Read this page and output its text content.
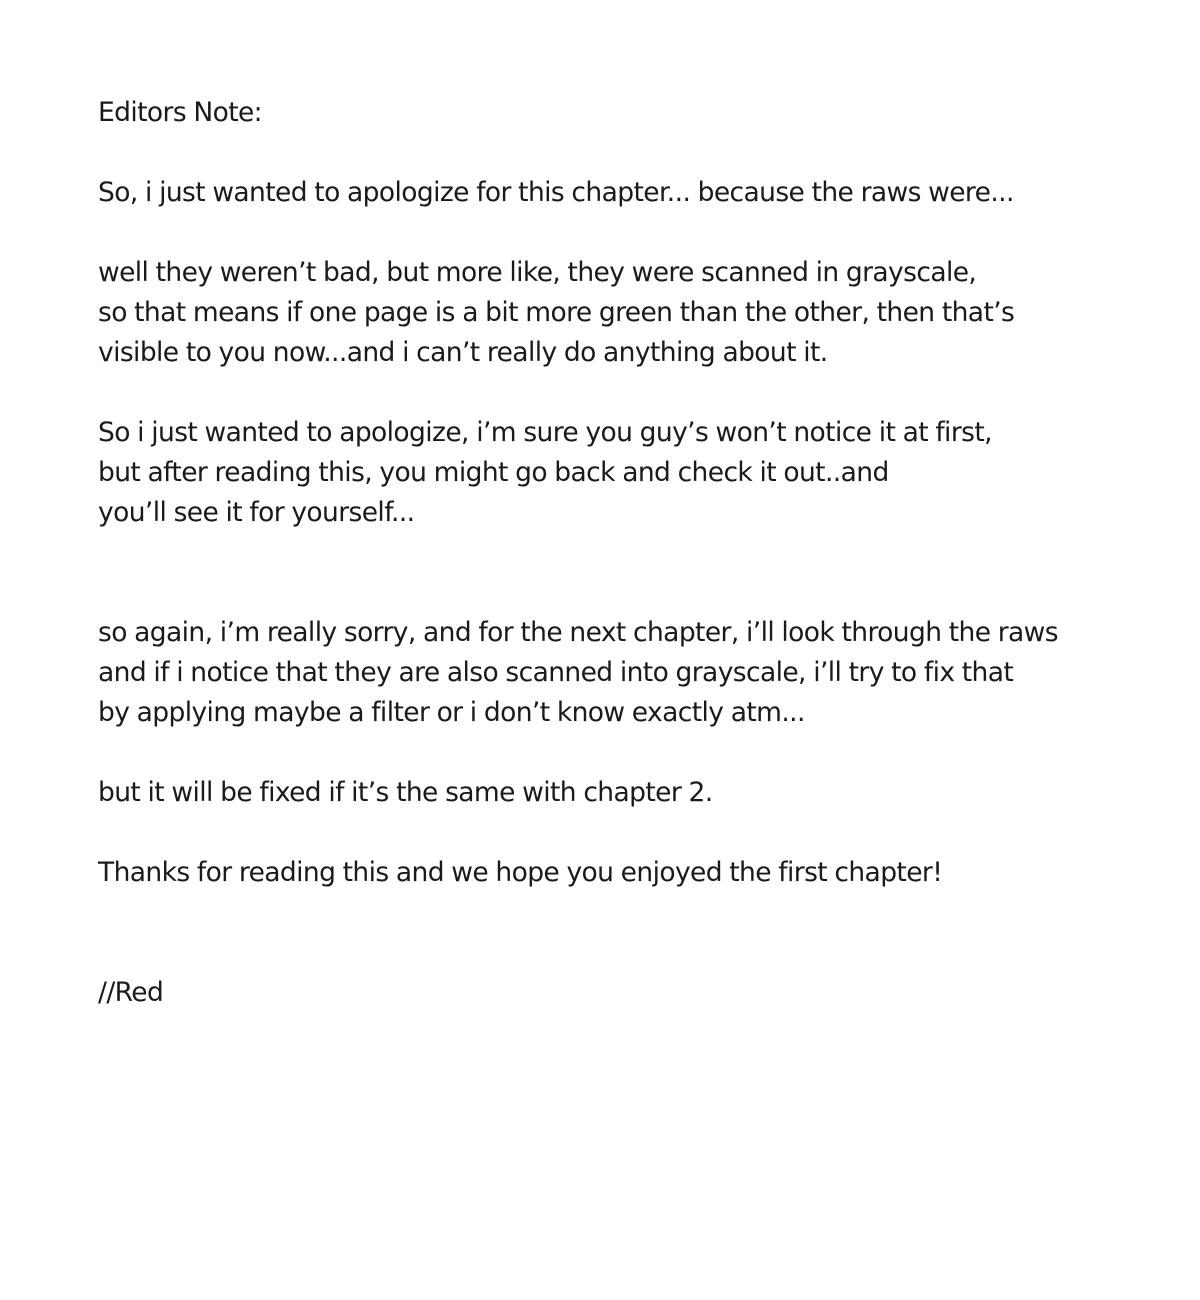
Editors Note:

So, i just wanted to apologize for this chapter... because the raws were...

well they weren’t bad, but more like, they were scanned in grayscale,

so that means if one page is a bit more green than the other, then that’s

visible to you now...and i can’t really do anything about it.

So i just wanted to apologize, i’m sure you guy’s won’t notice it at first,

but after reading this, you might go back and check it out..and

you’ll see it for yourself...

so again, i’m really sorry, and for the next chapter, i’ll look through the raws

and if i notice that they are also scanned into grayscale, i’ll try to fix that

by applying maybe a filter or i don’t know exactly atm...

but it will be fixed if it’s the same with chapter 2.

Thanks for reading this and we hope you enjoyed the first chapter!

//Red
